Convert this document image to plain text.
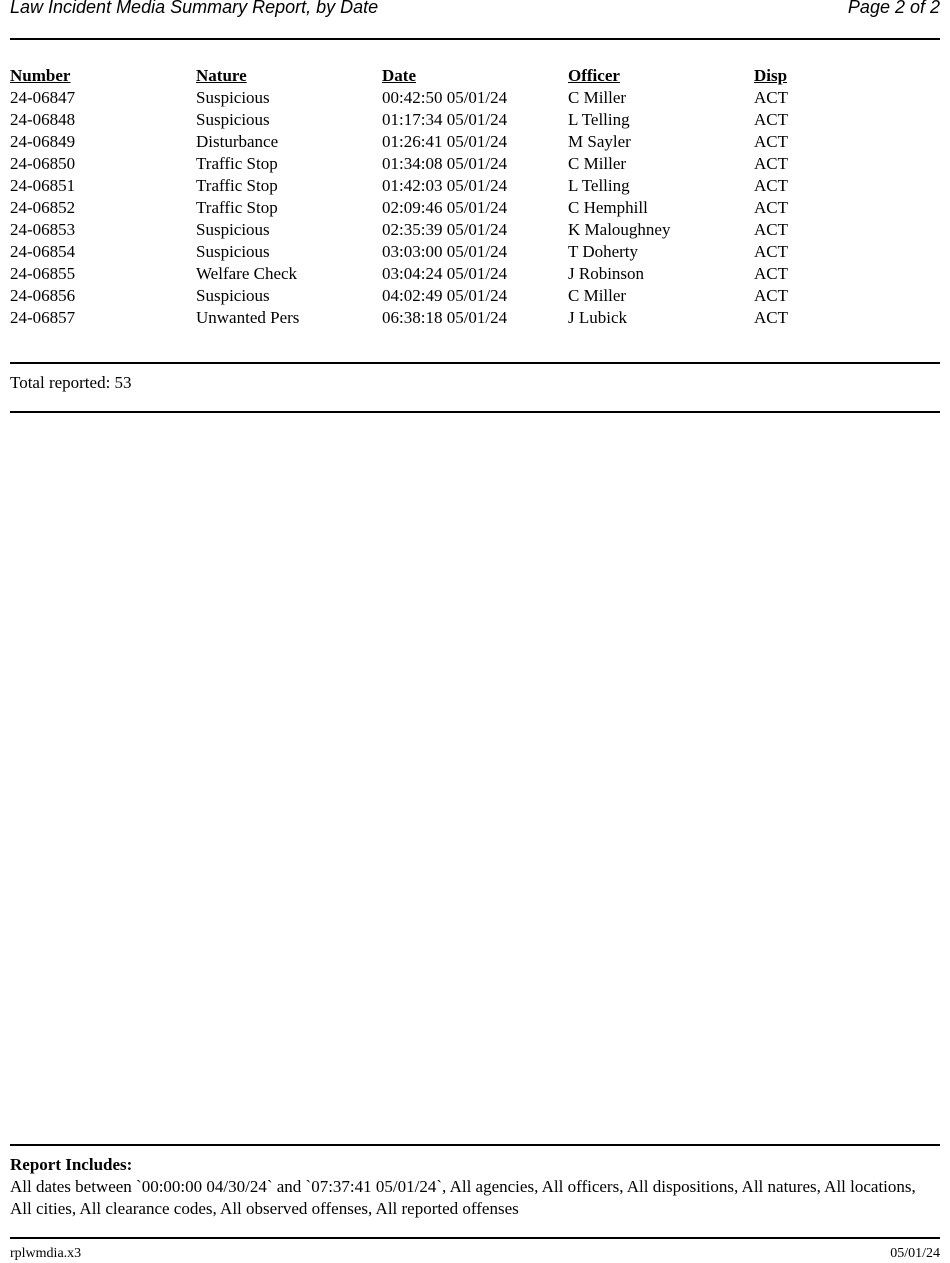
Law Incident Media Summary Report, by Date	Page 2 of 2
Number	Nature	Date	Officer	Disp
24-06847	Suspicious	00:42:50 05/01/24	C Miller	ACT
24-06848	Suspicious	01:17:34 05/01/24	L Telling	ACT
24-06849	Disturbance	01:26:41 05/01/24	M Sayler	ACT
24-06850	Traffic Stop	01:34:08 05/01/24	C Miller	ACT
24-06851	Traffic Stop	01:42:03 05/01/24	L Telling	ACT
24-06852	Traffic Stop	02:09:46 05/01/24	C Hemphill	ACT
24-06853	Suspicious	02:35:39 05/01/24	K Maloughney	ACT
24-06854	Suspicious	03:03:00 05/01/24	T Doherty	ACT
24-06855	Welfare Check	03:04:24 05/01/24	J Robinson	ACT
24-06856	Suspicious	04:02:49 05/01/24	C Miller	ACT
24-06857	Unwanted Pers	06:38:18 05/01/24	J Lubick	ACT
Total reported: 53
Report Includes:
All dates between `00:00:00 04/30/24` and `07:37:41 05/01/24`, All agencies, All officers, All dispositions, All natures, All locations, All cities, All clearance codes, All observed offenses, All reported offenses
rplwmdia.x3	05/01/24
